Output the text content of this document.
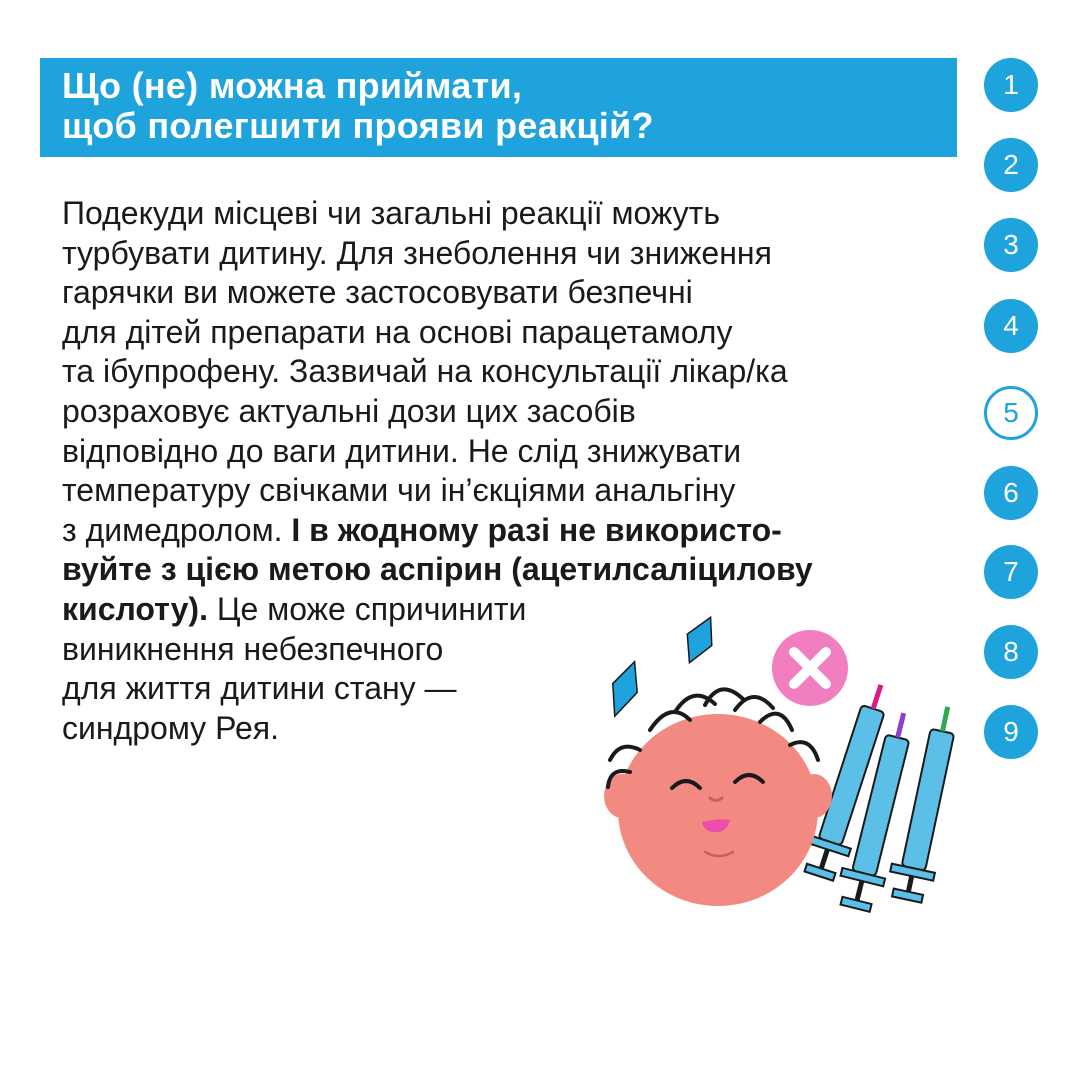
Що (не) можна приймати,
щоб полегшити прояви реакцій?
Подекуди місцеві чи загальні реакції можуть
турбувати дитину. Для знеболення чи зниження
гарячки ви можете застосовувати безпечні
для дітей препарати на основі парацетамолу
та ібупрофену. Зазвичай на консультації лікар/ка
розраховує актуальні дози цих засобів
відповідно до ваги дитини. Не слід знижувати
температуру свічками чи ін’єкціями анальгіну
з димедролом. І в жодному разі не використо-
вуйте з цією метою аспірин (ацетилсаліцилову
кислоту). Це може спричинити
виникнення небезпечного
для життя дитини стану —
синдрому Рея.
1
2
3
4
5
6
7
8
9
